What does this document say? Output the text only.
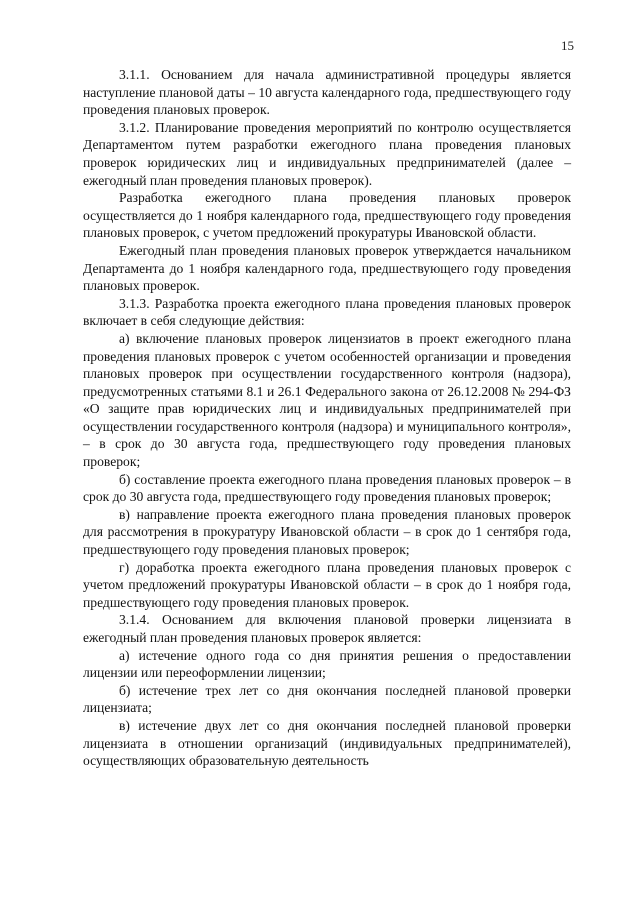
15

3.1.1. Основанием для начала административной процедуры является наступление плановой даты – 10 августа календарного года, предшествующего году проведения плановых проверок.

3.1.2. Планирование проведения мероприятий по контролю осуществляется Департаментом путем разработки ежегодного плана проведения плановых проверок юридических лиц и индивидуальных предпринимателей (далее – ежегодный план проведения плановых проверок).

Разработка ежегодного плана проведения плановых проверок осуществляется до 1 ноября календарного года, предшествующего году проведения плановых проверок, с учетом предложений прокуратуры Ивановской области.

Ежегодный план проведения плановых проверок утверждается начальником Департамента до 1 ноября календарного года, предшествующего году проведения плановых проверок.

3.1.3. Разработка проекта ежегодного плана проведения плановых проверок включает в себя следующие действия:

а) включение плановых проверок лицензиатов в проект ежегодного плана проведения плановых проверок с учетом особенностей организации и проведения плановых проверок при осуществлении государственного контроля (надзора), предусмотренных статьями 8.1 и 26.1 Федерального закона от 26.12.2008 № 294-ФЗ «О защите прав юридических лиц и индивидуальных предпринимателей при осуществлении государственного контроля (надзора) и муниципального контроля», – в срок до 30 августа года, предшествующего году проведения плановых проверок;

б) составление проекта ежегодного плана проведения плановых проверок – в срок до 30 августа года, предшествующего году проведения плановых проверок;

в) направление проекта ежегодного плана проведения плановых проверок для рассмотрения в прокуратуру Ивановской области – в срок до 1 сентября года, предшествующего году проведения плановых проверок;

г) доработка проекта ежегодного плана проведения плановых проверок с учетом предложений прокуратуры Ивановской области – в срок до 1 ноября года, предшествующего году проведения плановых проверок.

3.1.4. Основанием для включения плановой проверки лицензиата в ежегодный план проведения плановых проверок является:

а) истечение одного года со дня принятия решения о предоставлении лицензии или переоформлении лицензии;

б) истечение трех лет со дня окончания последней плановой проверки лицензиата;

в) истечение двух лет со дня окончания последней плановой проверки лицензиата в отношении организаций (индивидуальных предпринимателей), осуществляющих образовательную деятельность
